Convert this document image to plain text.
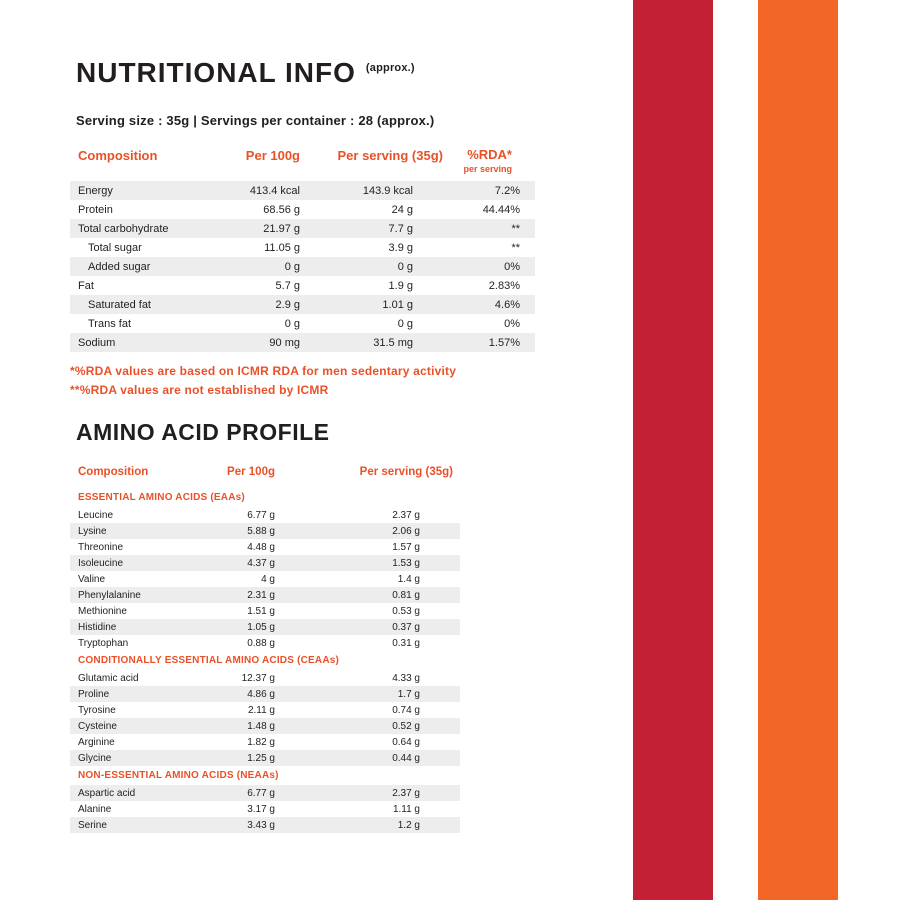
NUTRITIONAL INFO (approx.)
Serving size : 35g | Servings per container : 28 (approx.)
Composition	Per 100g	Per serving (35g) %RDA*
per serving
Energy	413.4 kcal	143.9 kcal	7.2%
Protein	68.56 g	24 g	44.44%
Total carbohydrate	21.97 g	7.7 g	**
Total sugar	11.05 g	3.9 g	**
Added sugar	0 g	0 g	0%
Fat	5.7 g	1.9 g	2.83%
Saturated fat	2.9 g	1.01 g	4.6%
Trans fat	0 g	0 g	0%
Sodium	90 mg	31.5 mg	1.57%
*%RDA values are based on ICMR RDA for men sedentary activity
**%RDA values are not established by ICMR
AMINO ACID PROFILE
Composition	Per 100g	Per serving (35g)
ESSENTIAL AMINO ACIDS (EAAs)
Leucine	6.77 g	2.37 g
Lysine	5.88 g	2.06 g
Threonine	4.48 g	1.57 g
Isoleucine	4.37 g	1.53 g
Valine	4 g	1.4 g
Phenylalanine	2.31 g	0.81 g
Methionine	1.51 g	0.53 g
Histidine	1.05 g	0.37 g
Tryptophan	0.88 g	0.31 g
CONDITIONALLY ESSENTIAL AMINO ACIDS (CEAAs)
Glutamic acid	12.37 g	4.33 g
Proline	4.86 g	1.7 g
Tyrosine	2.11 g	0.74 g
Cysteine	1.48 g	0.52 g
Arginine	1.82 g	0.64 g
Glycine	1.25 g	0.44 g
NON-ESSENTIAL AMINO ACIDS (NEAAs)
Aspartic acid	6.77 g	2.37 g
Alanine	3.17 g	1.11 g
Serine	3.43 g	1.2 g
